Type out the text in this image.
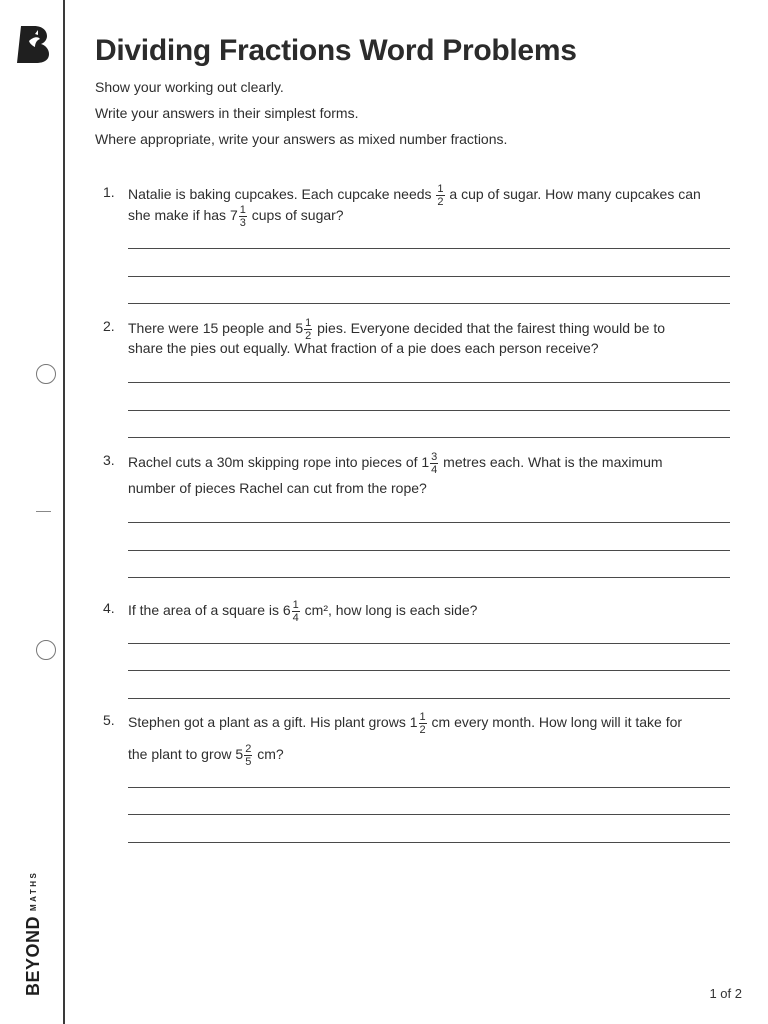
BEYONDMATHS
Dividing Fractions Word Problems

Show your working out clearly.

Write your answers in their simplest forms.

Where appropriate, write your answers as mixed number fractions.

1. Natalie is baking cupcakes. Each cupcake needs $\frac{1}{2}$ a cup of sugar. How many cupcakes can
she make if has $7 \frac{1}{3}$ cups of sugar?
2. There were 15 people and $5 \frac{1}{2}$ pies. Everyone decided that the fairest thing would be to
share the pies out equally. What fraction of a pie does each person receive?
3. Rachel cuts a 30m skipping rope into pieces of $1 \frac{3}{4}$ metres each. What is the maximum
number of pieces Rachel can cut from the rope?
4. If the area of a square is $6 \frac{1}{4} cm^2$, how long is each side?
5. Stephen got a plant as a gift. His plant grows $1 \frac{1}{2}$ cm every month. How long will it take for
the plant to grow $5 \frac{2}{5}$ cm?
1 of 2
